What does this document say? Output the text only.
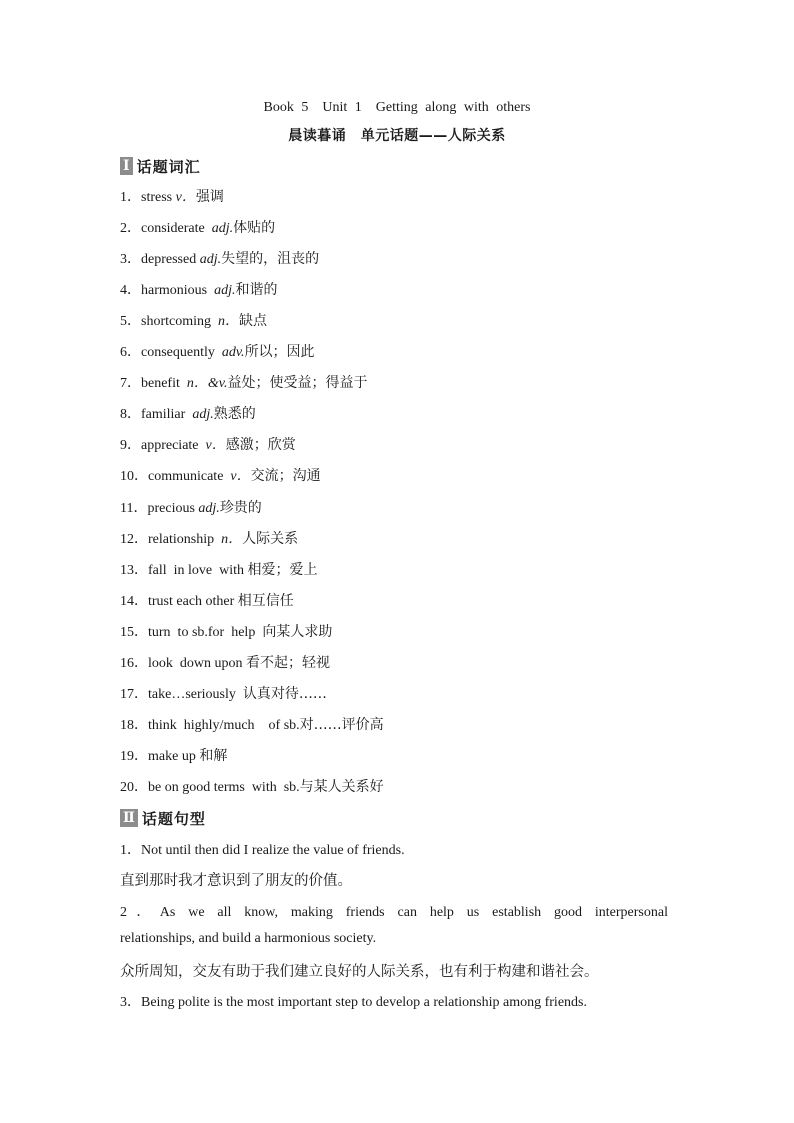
Book 5　Unit 1　Getting along with others
晨读暮诵　单元话题——人际关系
Ⅰ 话题词汇
1．stress v．强调
2．considerate  adj.体贴的
3．depressed adj.失望的，沮丧的
4．harmonious  adj.和谐的
5．shortcoming  n．缺点
6．consequently  adv.所以；因此
7．benefit  n．&v.益处；使受益；得益于
8．familiar  adj.熟悉的
9．appreciate  v．感激；欣赏
10．communicate  v．交流；沟通
11．precious adj.珍贵的
12．relationship  n．人际关系
13．fall  in love  with 相爱；爱上
14．trust each other 相互信任
15．turn  to sb.for  help  向某人求助
16．look  down upon 看不起；轻视
17．take…seriously  认真对待……
18．think  highly/much    of sb.对……评价高
19．make up 和解
20．be on good terms  with  sb.与某人关系好
Ⅱ 话题句型
1．Not until then did I realize the value of friends.
直到那时我才意识到了朋友的价值。
2．As we all know, making friends can help us establish good interpersonal
relationships, and build a harmonious society.
众所周知，交友有助于我们建立良好的人际关系，也有利于构建和谐社会。
3．Being polite is the most important step to develop a relationship among friends.
